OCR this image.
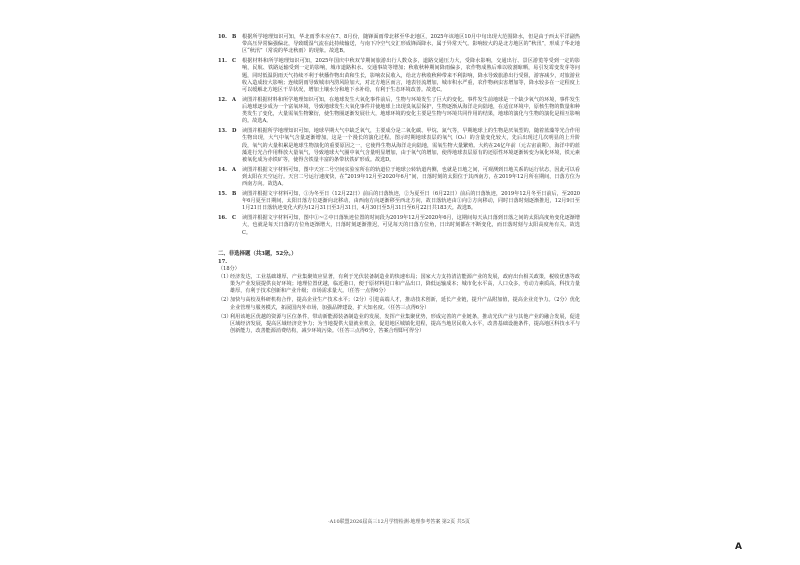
10.	B	根据所学地理知识可知，华北雨季本应在7、8月份，随锋面雨带北移至华北地区，2025年该地区10月中旬出现大范围降水，但是由于西太平洋副热带高压异常偏强偏北，导致暖湿气流在此持续输送，与南下冷空气交汇形成锋面降水，属于异常天气。影响较大的是北方地区的“秋汛”，形成了华北地区“秋汛”（常说的华北秋雨）的现象。故选B。
11.	C	根据材料和所学地理知识可知，2025年国庆中秋双节期间旅游出行人数众多，道路交通压力大，受降水影响，交通出行、景区游览等受到一定的影响，民航、铁路运输受到一定的影响，城市道路积水、交通事故等增加；秋收秋种期间降雨偏多，农作物成熟后难以收割晾晒，易引发霉变发芽等问题，同时低温阴雨天气持续不利于秋播作物出苗和生长，影响农民收入，给北方秋收秋种带来不利影响，降水导致旅游出行受阻，游客减少，对旅游业收入造成较大影响；连续阴雨导致城市内涝风险加大，对北方地区而言，地表径流增加，城市积水严重，农作物病虫害增加等，降水较多在一定程度上可以缓解北方地区干旱状况，增加土壤水分和地下水补给，有利于生态环境改善。故选C。
12.	A	读图并根据材料和所学地理知识可知，在地球发生大氧化事件前后，生物与环境发生了巨大的变化。事件发生前地球是一个缺少氧气的环境，事件发生后地球逐步成为一个富氧环境，导致地球发生大氧化事件并使地球上出现臭氧层保护，生物逐渐从海洋走向陆地，在适宜环境中，原核生物的数量和种类发生了变化，大量需氧生物繁衍，使生物圈逐渐发展壮大，地球环境的变化主要是生物与环境共同作用的结果，地球的演化与生物的演化是相互影响的。故选A。
13.	D	读图并根据所学地理知识可知，地球早期大气中缺乏氧气，主要成分是二氧化碳、甲烷、氮气等，早期地球上的生物是厌氧型的，随着蓝藻等光合作用生物出现，大气中氧气含量逐渐增加，这是一个漫长的演化过程。图示时期地球表层的氧气（O₂）的含量变化较大，先后出现过几次明显的上升阶段，氧气的大量积累是地球生物演化的重要原因之一，它使得生物从海洋走向陆地，需氧生物大量繁殖。大约在24亿年前（元古宙前期），海洋中的蓝藻进行光合作用释放大量氧气，导致地球大气圈中氧气含量明显增加，由于氧气的增加，使得地球表层原有的还原性环境逐渐转变为氧化环境，铁元素被氧化成为赤铁矿等，使得含铁量丰富的条带状铁矿形成。故选D。
14.	A	读图并根据文字材料可知，图中天宫二号空间实验室所在的轨道位于地球公转轨道内侧，也就是日地之间，可观测到日地关系的运行状态，因此可以看到太阳在天空运行。天宫二号运行速度快，在“2019年12月至2020年6月”间，日落时刻的太阳位于其西南方，在2019年12月所在期间，日落方位为西南方向。故选A。
15.	B	读图并根据文字材料可知，①为冬至日（12月22日）前后的日落轨迹，②为夏至日（6月22日）前后的日落轨迹，2019年12月冬至日前后，至2020年6月夏至日期间，太阳日落方位逐渐向北移动，由西南方向逐渐移至西北方向，故日落轨迹由①向②方向移动，同时日落时刻逐渐推迟，12月9日至1月21日日落轨迹变化大约为12月31日至3月31日，4月30日至5月31日至6月22日共183天。故选B。
16.	C	读图并根据文字材料可知，图中①~②中日落轨迹位置的时间段为2019年12月至2020年6月，这期间每天从日落到日落之间的太阳高度角变化逐渐增大，也就是每天日落的方位角逐渐增大，日落时刻逐渐推迟，可见每天的日落方位角，日出时刻都在不断变化，而日落时刻与太阳高度角有关。故选C。
二、非选择题（共3题，52分。）
17.
（18分）
（1）
经济发达，工业基础雄厚，产业集聚效应显著，有利于光伏装备制造业的快速布局；国家大力支持清洁能源产业的发展，政府出台相关政策，税收优惠等政策为产业发展提供良好环境；地理位置优越，临近港口，便于原材料进口和产品出口，降低运输成本；城市化水平高，人口众多，劳动力素质高，科技力量雄厚，有利于技术创新和产业升级；市场需求量大。（任答一点得6分）
（2）
加快与高校及科研机构合作，提高企业生产技术水平；（2分）引进高端人才，推动技术创新，延长产业链，提升产品附加值，提高企业竞争力。（2分）优化企业管理与服务模式，拓展国内外市场，加强品牌建设，扩大知名度。（任答三点得6分）
（3）
利用该地区优越的资源与区位条件，带动新能源装备制造业的发展，发挥产业集聚优势，形成完善的产业链条，推动光伏产业与其他产业的融合发展，促进区域经济发展，提高区域经济竞争力；为当地提供大量就业机会，促进地区城镇化进程，提高当地居民收入水平，改善基础设施条件，提高地区科技水平与创新能力，改善能源消费结构，减少环境污染。（任答三点得6分，答案合理即可得分）
·A10联盟2026届高三12月学情检测·地理参考答案 第2页 共5页
A
